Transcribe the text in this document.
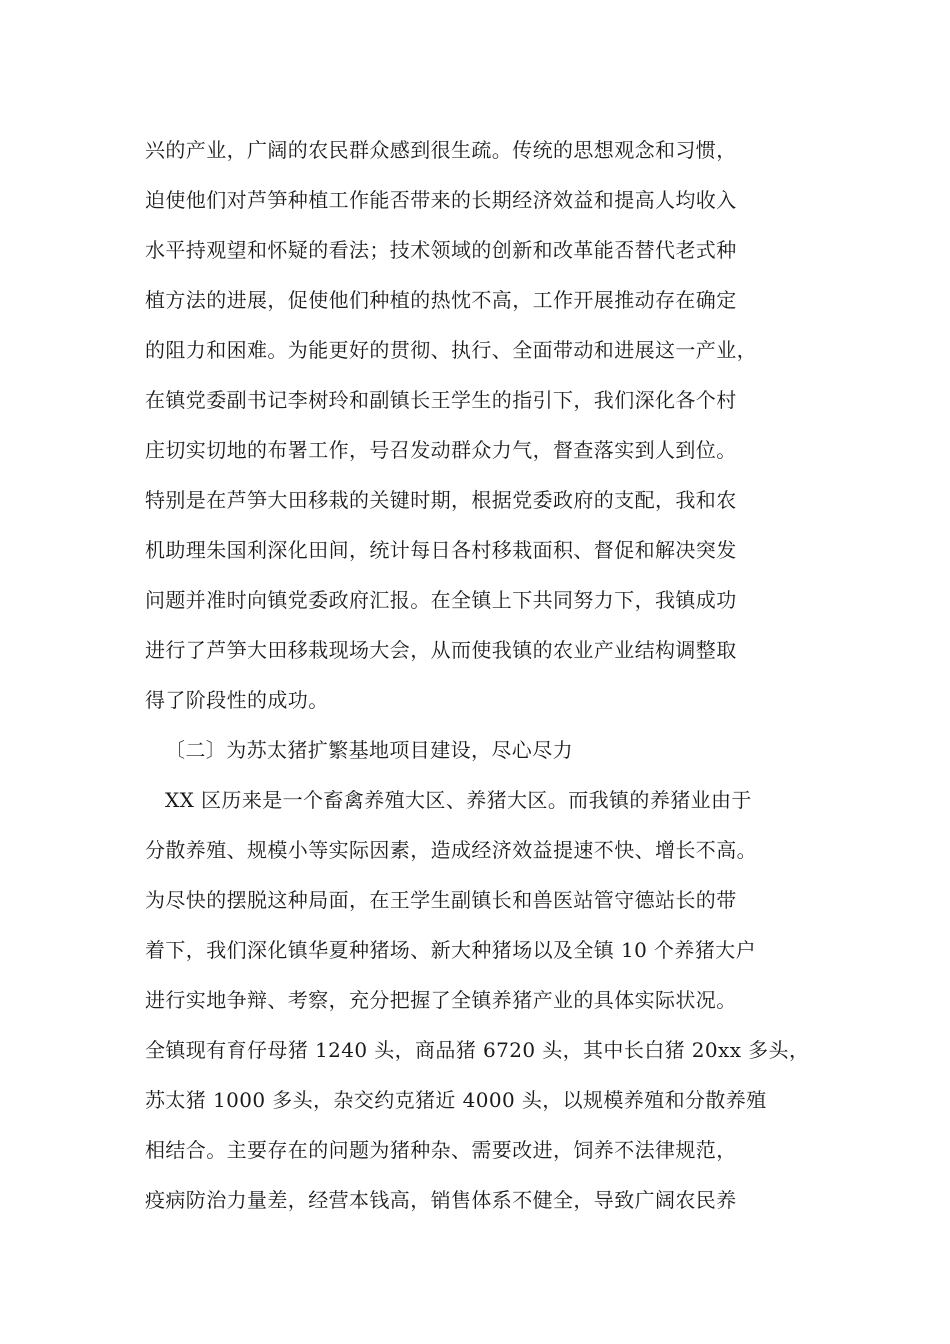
兴的产业，广阔的农民群众感到很生疏。传统的思想观念和习惯，

迫使他们对芦笋种植工作能否带来的长期经济效益和提高人均收入

水平持观望和怀疑的看法；技术领域的创新和改革能否替代老式种

植方法的进展，促使他们种植的热忱不高，工作开展推动存在确定

的阻力和困难。为能更好的贯彻、执行、全面带动和进展这一产业，

在镇党委副书记李树玲和副镇长王学生的指引下，我们深化各个村

庄切实切地的布署工作，号召发动群众力气，督查落实到人到位。

特别是在芦笋大田移栽的关键时期，根据党委政府的支配，我和农

机助理朱国利深化田间，统计每日各村移栽面积、督促和解决突发

问题并准时向镇党委政府汇报。在全镇上下共同努力下，我镇成功

进行了芦笋大田移栽现场大会，从而使我镇的农业产业结构调整取

得了阶段性的成功。

〔二〕为苏太猪扩繁基地项目建设，尽心尽力

XX 区历来是一个畜禽养殖大区、养猪大区。而我镇的养猪业由于

分散养殖、规模小等实际因素，造成经济效益提速不快、增长不高。

为尽快的摆脱这种局面，在王学生副镇长和兽医站管守德站长的带

着下，我们深化镇华夏种猪场、新大种猪场以及全镇 10 个养猪大户

进行实地争辩、考察，充分把握了全镇养猪产业的具体实际状况。

全镇现有育仔母猪 1240 头，商品猪 6720 头，其中长白猪 20xx 多头，

苏太猪 1000 多头，杂交约克猪近 4000 头，以规模养殖和分散养殖

相结合。主要存在的问题为猪种杂、需要改进，饲养不法律规范，

疫病防治力量差，经营本钱高，销售体系不健全，导致广阔农民养
